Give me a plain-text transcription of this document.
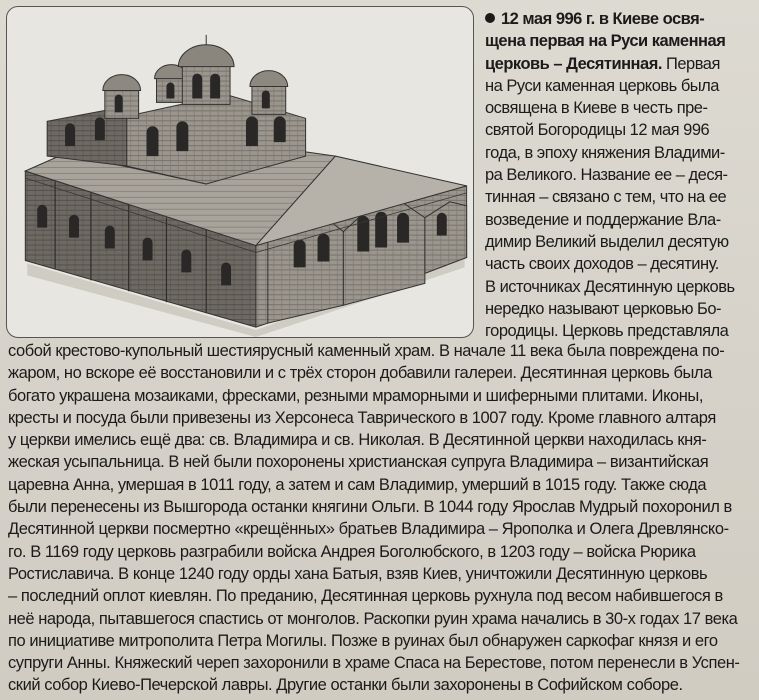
12 мая 996 г. в Киеве освя-
щена первая на Руси каменная
церковь – Десятинная. Первая
на Руси каменная церковь была
освящена в Киеве в честь пре-
святой Богородицы 12 мая 996
года, в эпоху княжения Владими-
ра Великого. Название ее – деся-
тинная – связано с тем, что на ее
возведение и поддержание Вла-
димир Великий выделил десятую
часть своих доходов – десятину.
В источниках Десятинную церковь
нередко называют церковью Бо-
городицы. Церковь представляла
собой крестово-купольный шестиярусный каменный храм. В начале 11 века была повреждена по-
жаром, но вскоре её восстановили и с трёх сторон добавили галереи. Десятинная церковь была
богато украшена мозаиками, фресками, резными мраморными и шиферными плитами. Иконы,
кресты и посуда были привезены из Херсонеса Таврического в 1007 году. Кроме главного алтаря
у церкви имелись ещё два: св. Владимира и св. Николая. В Десятинной церкви находилась кня-
жеская усыпальница. В ней были похоронены христианская супруга Владимира – византийская
царевна Анна, умершая в 1011 году, а затем и сам Владимир, умерший в 1015 году. Также сюда
были перенесены из Вышгорода останки княгини Ольги. В 1044 году Ярослав Мудрый похоронил в
Десятинной церкви посмертно «крещённых» братьев Владимира – Ярополка и Олега Древлянско-
го. В 1169 году церковь разграбили войска Андрея Боголюбского, в 1203 году – войска Рюрика
Ростиславича. В конце 1240 году орды хана Батыя, взяв Киев, уничтожили Десятинную церковь
– последний оплот киевлян. По преданию, Десятинная церковь рухнула под весом набившегося в
неё народа, пытавшегося спастись от монголов. Раскопки руин храма начались в 30-х годах 17 века
по инициативе митрополита Петра Могилы. Позже в руинах был обнаружен саркофаг князя и его
супруги Анны. Княжеский череп захоронили в храме Спаса на Берестове, потом перенесли в Успен-
ский собор Киево-Печерской лавры. Другие останки были захоронены в Софийском соборе.
